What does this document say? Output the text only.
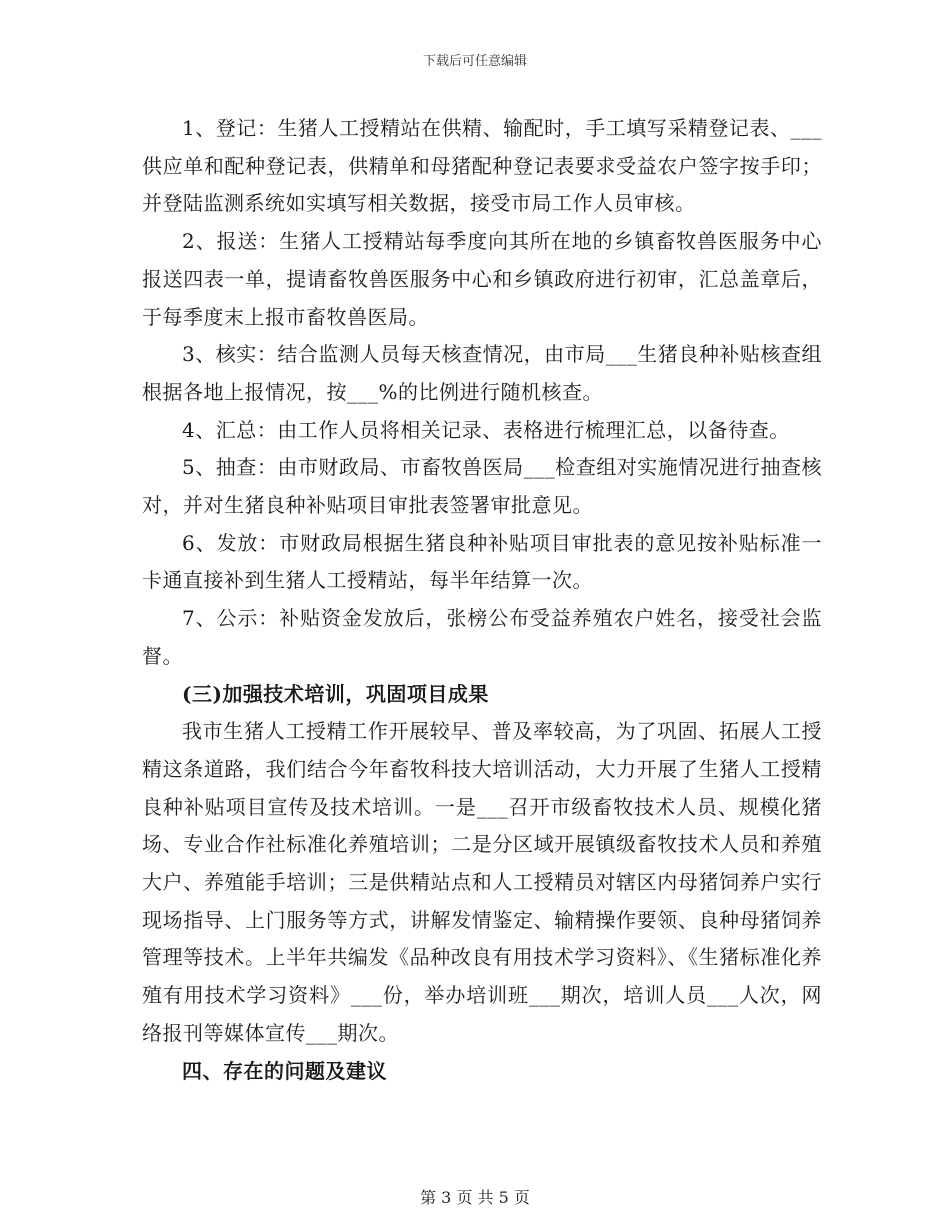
下载后可任意编辑

1、登记：生猪人工授精站在供精、输配时，手工填写采精登记表、___供应单和配种登记表，供精单和母猪配种登记表要求受益农户签字按手印；并登陆监测系统如实填写相关数据，接受市局工作人员审核。

2、报送：生猪人工授精站每季度向其所在地的乡镇畜牧兽医服务中心报送四表一单，提请畜牧兽医服务中心和乡镇政府进行初审，汇总盖章后，于每季度末上报市畜牧兽医局。

3、核实：结合监测人员每天核查情况，由市局___生猪良种补贴核查组根据各地上报情况，按___%的比例进行随机核查。

4、汇总：由工作人员将相关记录、表格进行梳理汇总，以备待查。

5、抽查：由市财政局、市畜牧兽医局___检查组对实施情况进行抽查核对，并对生猪良种补贴项目审批表签署审批意见。

6、发放：市财政局根据生猪良种补贴项目审批表的意见按补贴标准一卡通直接补到生猪人工授精站，每半年结算一次。

7、公示：补贴资金发放后，张榜公布受益养殖农户姓名，接受社会监督。

(三)加强技术培训，巩固项目成果

我市生猪人工授精工作开展较早、普及率较高，为了巩固、拓展人工授精这条道路，我们结合今年畜牧科技大培训活动，大力开展了生猪人工授精良种补贴项目宣传及技术培训。一是___召开市级畜牧技术人员、规模化猪场、专业合作社标准化养殖培训；二是分区域开展镇级畜牧技术人员和养殖大户、养殖能手培训；三是供精站点和人工授精员对辖区内母猪饲养户实行现场指导、上门服务等方式，讲解发情鉴定、输精操作要领、良种母猪饲养管理等技术。上半年共编发《品种改良有用技术学习资料》、《生猪标准化养殖有用技术学习资料》___份，举办培训班___期次，培训人员___人次，网络报刊等媒体宣传___期次。

四、存在的问题及建议

第 3 页 共 5 页
